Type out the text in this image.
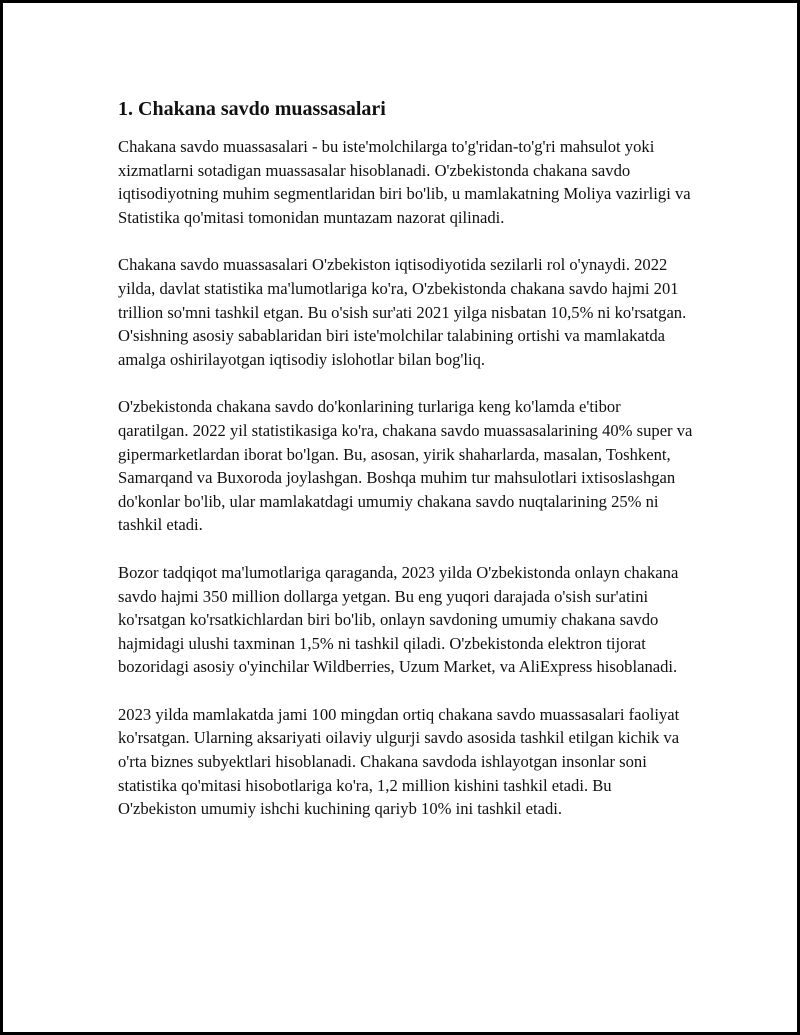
1. Chakana savdo muassasalari

Chakana savdo muassasalari - bu iste'molchilarga to'g'ridan-to'g'ri mahsulot yoki xizmatlarni sotadigan muassasalar hisoblanadi. O'zbekistonda chakana savdo iqtisodiyotning muhim segmentlaridan biri bo'lib, u mamlakatning Moliya vazirligi va Statistika qo'mitasi tomonidan muntazam nazorat qilinadi.

Chakana savdo muassasalari O'zbekiston iqtisodiyotida sezilarli rol o'ynaydi. 2022 yilda, davlat statistika ma'lumotlariga ko'ra, O'zbekistonda chakana savdo hajmi 201 trillion so'mni tashkil etgan. Bu o'sish sur'ati 2021 yilga nisbatan 10,5% ni ko'rsatgan. O'sishning asosiy sabablaridan biri iste'molchilar talabining ortishi va mamlakatda amalga oshirilayotgan iqtisodiy islohotlar bilan bog'liq.

O'zbekistonda chakana savdo do'konlarining turlariga keng ko'lamda e'tibor qaratilgan. 2022 yil statistikasiga ko'ra, chakana savdo muassasalarining 40% super va gipermarketlardan iborat bo'lgan. Bu, asosan, yirik shaharlarda, masalan, Toshkent, Samarqand va Buxoroda joylashgan. Boshqa muhim tur mahsulotlari ixtisoslashgan do'konlar bo'lib, ular mamlakatdagi umumiy chakana savdo nuqtalarining 25% ni tashkil etadi.

Bozor tadqiqot ma'lumotlariga qaraganda, 2023 yilda O'zbekistonda onlayn chakana savdo hajmi 350 million dollarga yetgan. Bu eng yuqori darajada o'sish sur'atini ko'rsatgan ko'rsatkichlardan biri bo'lib, onlayn savdoning umumiy chakana savdo hajmidagi ulushi taxminan 1,5% ni tashkil qiladi. O'zbekistonda elektron tijorat bozoridagi asosiy o'yinchilar Wildberries, Uzum Market, va AliExpress hisoblanadi.

2023 yilda mamlakatda jami 100 mingdan ortiq chakana savdo muassasalari faoliyat ko'rsatgan. Ularning aksariyati oilaviy ulgurji savdo asosida tashkil etilgan kichik va o'rta biznes subyektlari hisoblanadi. Chakana savdoda ishlayotgan insonlar soni statistika qo'mitasi hisobotlariga ko'ra, 1,2 million kishini tashkil etadi. Bu O'zbekiston umumiy ishchi kuchining qariyb 10% ini tashkil etadi.
